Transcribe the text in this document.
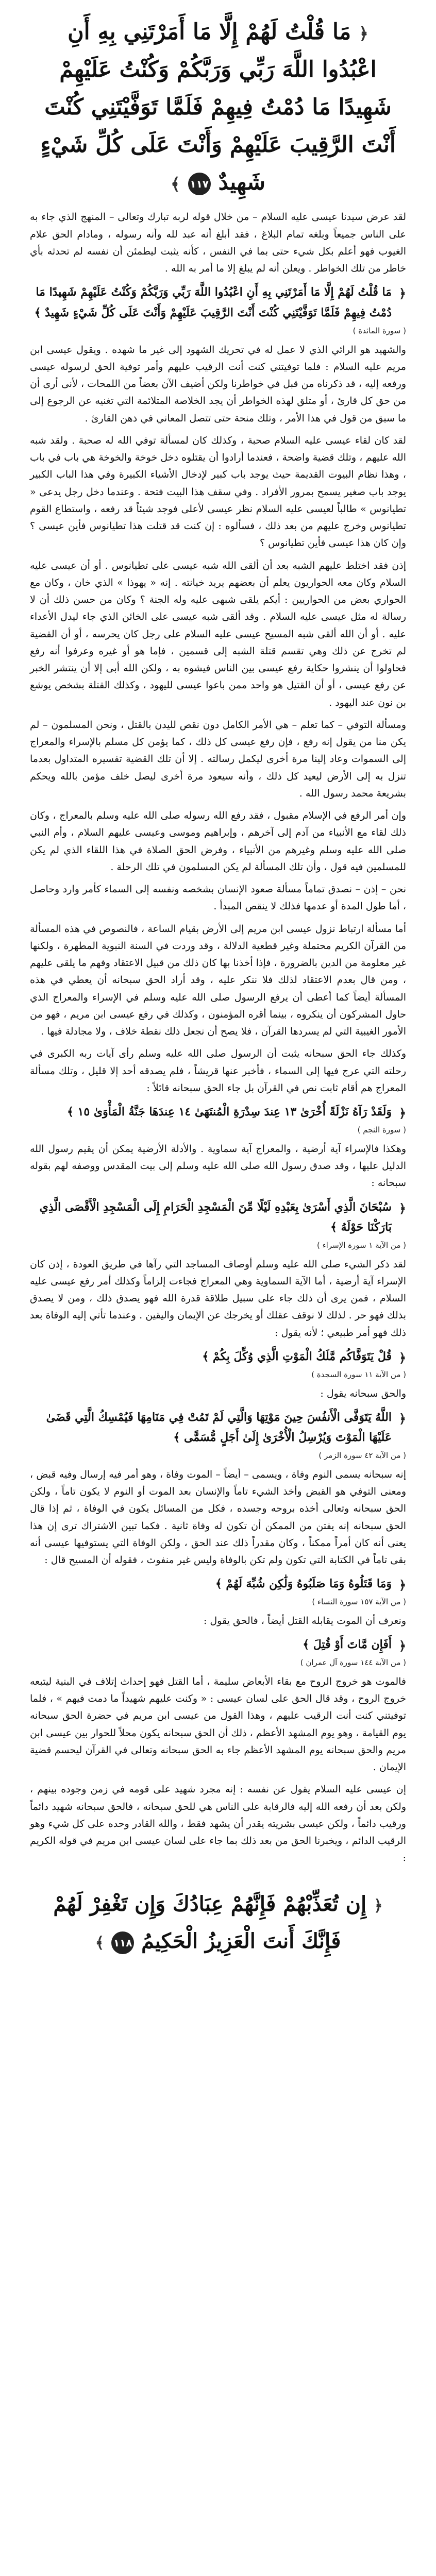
﴿ مَا قُلْتُ لَهُمْ إِلَّا مَا أَمَرْتَنِي بِهِ أَنِ اعْبُدُوا اللَّهَ رَبِّي وَرَبَّكُمْ وَكُنْتُ عَلَيْهِمْ شَهِيدًا مَا دُمْتُ فِيهِمْ فَلَمَّا تَوَفَّيْتَنِي كُنْتَ أَنْتَ الرَّقِيبَ عَلَيْهِمْ وَأَنْتَ عَلَى كُلِّ شَيْءٍ شَهِيدٌ ١١٧ ﴾

لقد عرض سيدنا عيسى عليه السلام – من خلال قوله لربه تبارك وتعالى – المنهج الذي جاء به على الناس جميعاً وبلغه تمام البلاغ ، فقد أبلغ أنه عبد لله وأنه رسوله ، ومادام الحق علام الغيوب فهو أعلم بكل شيء حتى بما في النفس ، كأنه يثبت ليطمئن أن نفسه لم تحدثه بأي خاطر من تلك الخواطر . ويعلن أنه لم يبلغ إلا ما أمر به الله .

﴿
مَا قُلْتُ لَهُمْ إِلَّا مَا أَمَرْتَنِي بِهِ أَنِ اعْبُدُوا اللَّهَ رَبِّي وَرَبَّكُمْ وَكُنْتُ عَلَيْهِمْ شَهِيدًا مَا دُمْتُ فِيهِمْ فَلَمَّا تَوَفَّيْتَنِي كُنْتَ أَنْتَ الرَّقِيبَ عَلَيْهِمْ وَأَنْتَ عَلَى كُلِّ شَيْءٍ شَهِيدٌ ﴾
( سورة المائدة )

والشهيد هو الرائي الذي لا عمل له في تحريك الشهود إلى غير ما شهده . ويقول عيسى ابن مريم عليه السلام : فلما توفيتني كنت أنت الرقيب عليهم وأمر توفية الحق لرسوله عيسى ورفعه إليه ، قد ذكرناه من قبل في خواطرنا ولكن أضيف الآن بعضاً من اللمحات ، لأنى أرى أن من حق كل قارئ ، أو متلق لهذه الخواطر أن يجد الخلاصة المتلائمة التي تغنيه عن الرجوع إلى ما سبق من قول في هذا الأمر ، وتلك منحة حتى تتصل المعاني في ذهن القارئ .

لقد كان لقاء عيسى عليه السلام صحبة ، وكذلك كان لمسألة توفي الله له صحبة . ولقد شبه الله عليهم ، وتلك قضية واضحة ، فعندما أرادوا أن يقتلوه دخل خوخة والخوخة هي باب في باب ، وهذا نظام البيوت القديمة حيث يوجد باب كبير لإدخال الأشياء الكبيرة وفي هذا الباب الكبير يوجد باب صغير يسمح بمرور الأفراد . وفي سقف هذا البيت فتحة . وعندما دخل رجل يدعى « تطيانوس » طالباً لعيسى عليه السلام نظر عيسى لأعلى فوجد شيئاً قد رفعه ، واستطاع القوم تطيانوس وخرج عليهم من بعد ذلك ، فسألوه : إن كنت قد قتلت هذا تطيانوس فأين عيسى ؟ وإن كان هذا عيسى فأين تطيانوس ؟

إذن فقد اختلط عليهم الشبه بعد أن ألقى الله شبه عيسى على تطيانوس . أو أن عيسى عليه السلام وكان معه الحواريون يعلم أن بعضهم يريد خيانته . إنه « يهوذا » الذي خان ، وكان مع الحواري بعض من الحواريين : أيكم يلقى شبهى عليه وله الجنة ؟ وكان من حسن ذلك أن لا رسالة له مثل عيسى عليه السلام . وقد ألقى شبه عيسى على الخائن الذي جاء ليدل الأعداء عليه . أو أن الله ألقى شبه المسيح عيسى عليه السلام على رجل كان يحرسه ، أو أن القضية لم تخرج عن ذلك وهي تقسم قتلة الشبه إلى قسمين ، فإما هو أو غيره وعرفوا أنه رفع فحاولوا أن ينشروا حكاية رفع عيسى بين الناس فيشوه به ، ولكن الله أبى إلا أن ينتشر الخبر عن رفع عيسى ، أو أن القتيل هو واحد ممن باعوا عيسى لليهود ، وكذلك القتلة بشخص يوشع بن نون عند اليهود .

ومسألة التوفي – كما تعلم – هي الأمر الكامل دون نقص لليدن بالقتل ، ونحن المسلمون – لم يكن منا من يقول إنه رفع ، فإن رفع عيسى كل ذلك ، كما يؤمن كل مسلم بالإسراء والمعراج إلى السموات وعاد إلينا مرة أخرى ليكمل رسالته . إلا أن تلك القضية تفسيره المتداول بعدما تنزل به إلى الأرض ليعيد كل ذلك ، وأنه سيعود مرة أخرى ليصل خلف مؤمن بالله ويحكم بشريعة محمد رسول الله .

وإن أمر الرفع في الإسلام مقبول ، فقد رفع الله رسوله صلى الله عليه وسلم بالمعراج ، وكان ذلك لقاء مع الأنبياء من آدم إلى آخرهم ، وإبراهيم وموسى وعيسى عليهم السلام ، وأم النبي صلى الله عليه وسلم وغيرهم من الأنبياء ، وفرض الحق الصلاة في هذا اللقاء الذي لم يكن للمسلمين فيه قول ، وأن تلك المسألة لم يكن المسلمون في تلك الرحلة .

نحن – إذن – نصدق تماماً مسألة صعود الإنسان بشخصه ونفسه إلى السماء كأمر وارد وحاصل ، أما طول المدة أو عدمها فذلك لا ينقص المبدأ .

أما مسألة ارتباط نزول عيسى ابن مريم إلى الأرض بقيام الساعة ، فالنصوص في هذه المسألة من القرآن الكريم محتملة وغير قطعية الدلالة ، وقد وردت في السنة النبوية المطهرة ، ولكنها غير معلومة من الدين بالضرورة ، فإذا أخذنا بها كان ذلك من قبيل الاعتقاد وفهم ما يلقى عليهم ، ومن قال بعدم الاعتقاد لذلك فلا ننكر عليه ، وقد أراد الحق سبحانه أن يعطي في هذه المسألة أيضاً كما أعطى أن يرفع الرسول صلى الله عليه وسلم في الإسراء والمعراج الذي حاول المشركون أن ينكروه ، بينما أقره المؤمنون ، وكذلك في رفع عيسى ابن مريم ، فهو من الأمور الغيبية التي لم يسردها القرآن ، فلا يصح أن نجعل ذلك نقطة خلاف ، ولا مجادلة فيها .

وكذلك جاء الحق سبحانه يثبت أن الرسول صلى الله عليه وسلم رأى آيات ربه الكبرى في رحلته التي عرج فيها إلى السماء ، فأخبر عنها قريشاً ، فلم يصدقه أحد إلا قليل ، وتلك مسألة المعراج هم أقام ثابت نص في القرآن بل جاء الحق سبحانه قائلاً :

﴿
وَلَقَدْ رَآهُ نَزْلَةً أُخْرَىٰ ١٣ عِندَ سِدْرَةِ الْمُنتَهَىٰ ١٤ عِندَهَا جَنَّةُ الْمَأْوَىٰ ١٥ ﴾
( سورة النجم )

وهكذا فالإسراء آية أرضية ، والمعراج آية سماوية . والأدلة الأرضية يمكن أن يقيم رسول الله الدليل عليها ، وقد صدق رسول الله صلى الله عليه وسلم إلى بيت المقدس ووصفه لهم بقوله سبحانه :

﴿
سُبْحَانَ الَّذِي أَسْرَىٰ بِعَبْدِهِ لَيْلًا مِّنَ الْمَسْجِدِ الْحَرَامِ إِلَى الْمَسْجِدِ الْأَقْصَى الَّذِي بَارَكْنَا حَوْلَهُ ﴾
( من الآية ١ سورة الإسراء )

لقد ذكر الشيء صلى الله عليه وسلم أوصاف المساجد التي رآها في طريق العودة ، إذن كان الإسراء آية أرضية ، أما الآية السماوية وهي المعراج فجاءت إلزاماً وكذلك أمر رفع عيسى عليه السلام ، فمن يرى أن ذلك جاء على سبيل طلاقة قدرة الله فهو يصدق ذلك ، ومن لا يصدق بذلك فهو حر . لذلك لا نوقف عقلك أو يخرجك عن الإيمان واليقين . وعندما تأتي إليه الوفاة بعد ذلك فهو أمر طبيعي ؛ لأنه يقول :

﴿
قُلْ يَتَوَفَّاكُم مَّلَكُ الْمَوْتِ الَّذِي وُكِّلَ بِكُمْ ﴾
( من الآية ١١ سورة السجدة )

والحق سبحانه يقول :

﴿
اللَّهُ يَتَوَفَّى الْأَنفُسَ حِينَ مَوْتِهَا وَالَّتِي لَمْ تَمُتْ فِي مَنَامِهَا فَيُمْسِكُ الَّتِي قَضَىٰ عَلَيْهَا الْمَوْتَ وَيُرْسِلُ الْأُخْرَىٰ إِلَىٰ أَجَلٍ مُّسَمًّى ﴾
( من الآية ٤٢ سورة الزمر )

إنه سبحانه يسمى النوم وفاة ، ويسمى – أيضاً – الموت وفاة ، وهو أمر فيه إرسال وفيه قبض ، ومعنى التوفي هو القبض وأخذ الشيء تاماً والإنسان بعد الموت أو النوم لا يكون تاماً ، ولكن الحق سبحانه وتعالى أخذه بروحه وجسده ، فكل من المسائل يكون في الوفاة ، ثم إذا قال الحق سبحانه إنه يفتن من الممكن أن تكون له وفاة ثانية . فكما تبين الاشتراك ترى إن هذا يعنى أنه كان أمراً ممكناً ، وكان مقدراً ذلك عند الحق ، ولكن الوفاة التي يستوفيها عيسى أنه بقى تاماً في الكتابة التي تكون ولم تكن بالوفاة وليس غير منفوث ، فقوله أن المسيح قال :

﴿
وَمَا قَتَلُوهُ وَمَا صَلَبُوهُ وَلَٰكِن شُبِّهَ لَهُمْ ﴾
( من الآية ١٥٧ سورة النساء )

ونعرف أن الموت يقابله القتل أيضاً ، فالحق يقول :

﴿
أَفَإِن مَّاتَ أَوْ قُتِلَ ﴾
( من الآية ١٤٤ سورة آل عمران )

فالموت هو خروج الروح مع بقاء الأبعاض سليمة ، أما القتل فهو إحداث إتلاف في البنية ليتبعه خروج الروح ، وقد قال الحق على لسان عيسى : « وكنت عليهم شهيداً ما دمت فيهم » ، فلما توفيتني كنت أنت الرقيب عليهم ، وهذا القول من عيسى ابن مريم في حضرة الحق سبحانه يوم القيامة ، وهو يوم المشهد الأعظم ، ذلك أن الحق سبحانه يكون محلاً للحوار بين عيسى ابن مريم والحق سبحانه يوم المشهد الأعظم جاء به الحق سبحانه وتعالى في القرآن ليحسم قضية الإيمان .

إن عيسى عليه السلام يقول عن نفسه : إنه مجرد شهيد على قومه في زمن وجوده بينهم ، ولكن بعد أن رفعه الله إليه فالرقابة على الناس هي للحق سبحانه ، فالحق سبحانه شهيد دائماً ورقيب دائماً ، ولكن عيسى بشريته يقدر أن يشهد فقط ، والله القادر وحده على كل شيء وهو الرقيب الدائم ، ويخبرنا الحق من بعد ذلك بما جاء على لسان عيسى ابن مريم في قوله الكريم :

﴿ إِن تُعَذِّبْهُمْ فَإِنَّهُمْ عِبَادُكَ وَإِن تَغْفِرْ لَهُمْ فَإِنَّكَ أَنتَ الْعَزِيزُ الْحَكِيمُ ١١٨ ﴾
